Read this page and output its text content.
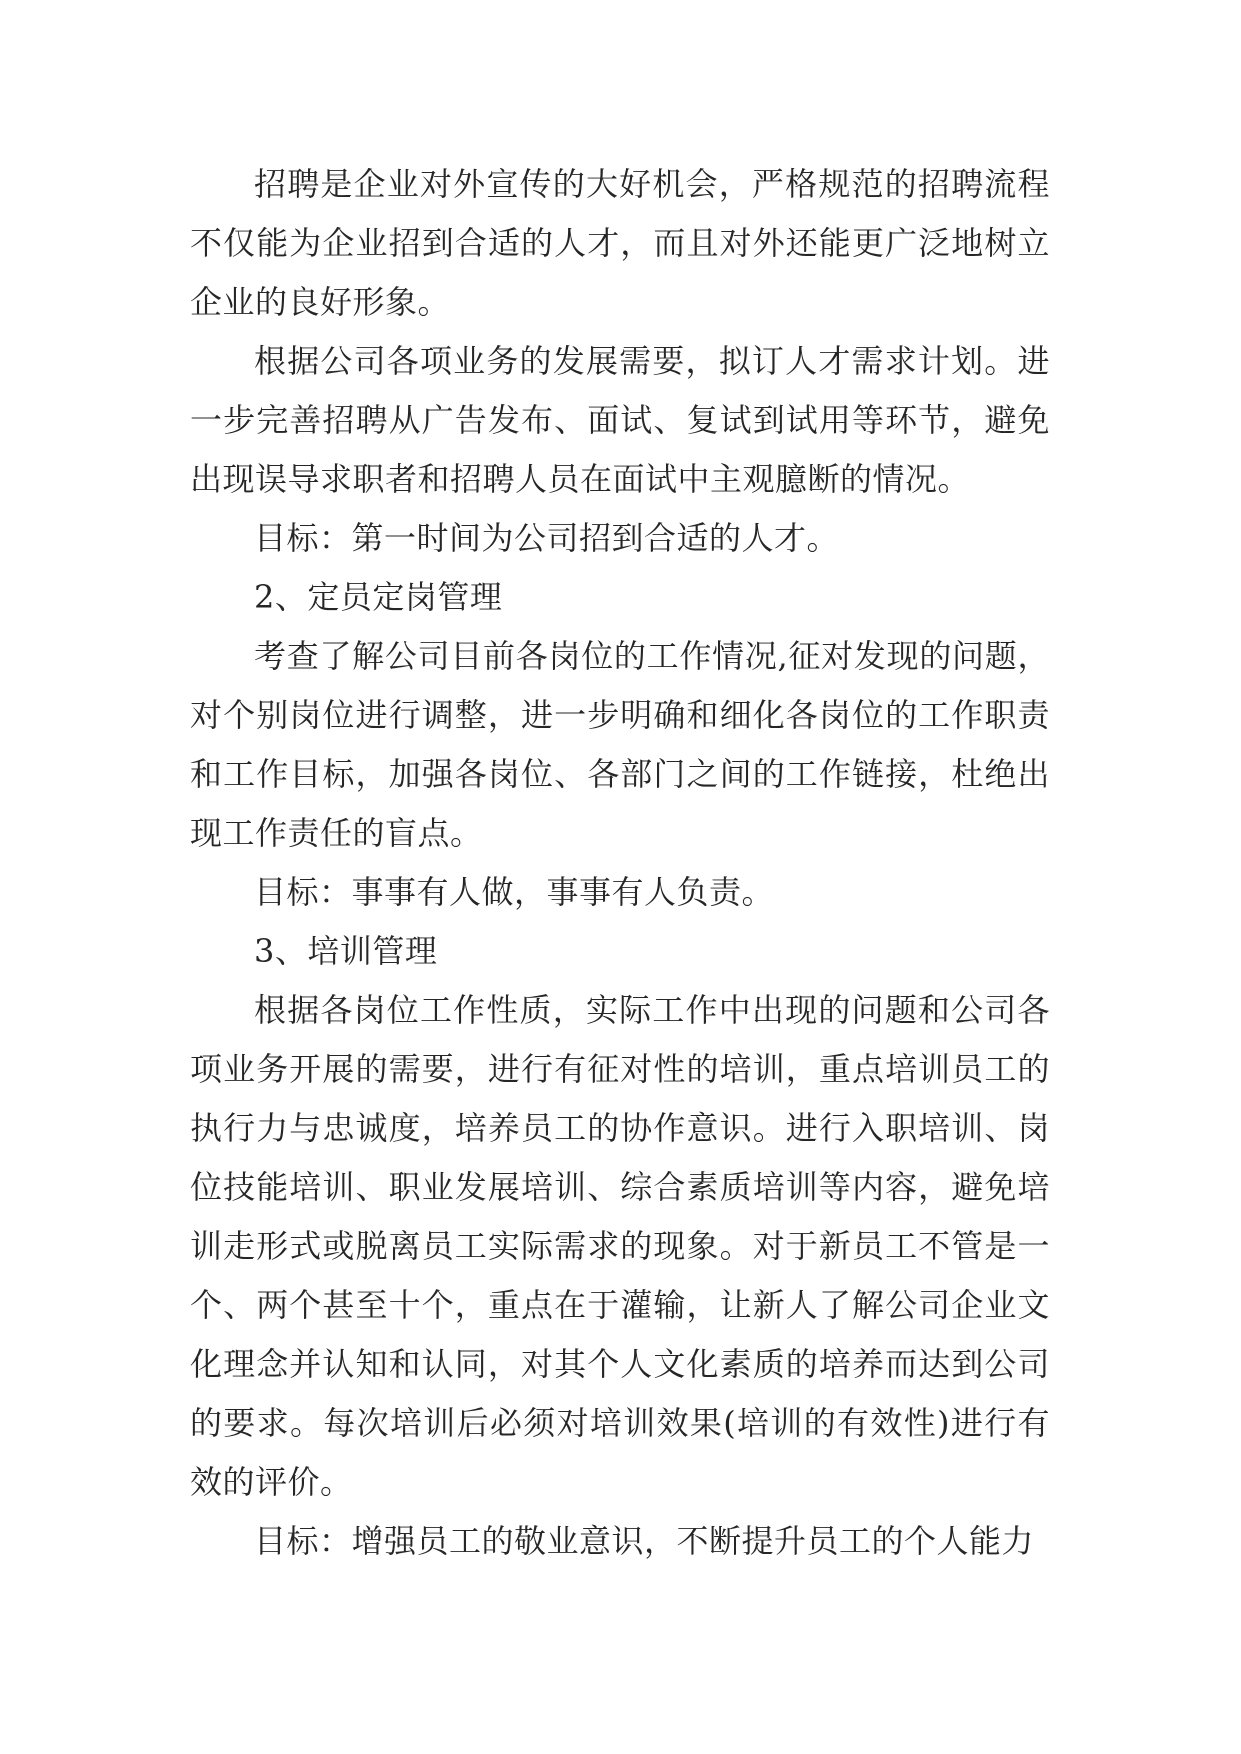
招聘是企业对外宣传的大好机会，严格规范的招聘流程不仅能为企业招到合适的人才，而且对外还能更广泛地树立企业的良好形象。

根据公司各项业务的发展需要，拟订人才需求计划。进一步完善招聘从广告发布、面试、复试到试用等环节，避免出现误导求职者和招聘人员在面试中主观臆断的情况。

目标：第一时间为公司招到合适的人才。

2、定员定岗管理

考查了解公司目前各岗位的工作情况,征对发现的问题，对个别岗位进行调整，进一步明确和细化各岗位的工作职责和工作目标，加强各岗位、各部门之间的工作链接，杜绝出现工作责任的盲点。

目标：事事有人做，事事有人负责。

3、培训管理

根据各岗位工作性质，实际工作中出现的问题和公司各项业务开展的需要，进行有征对性的培训，重点培训员工的执行力与忠诚度，培养员工的协作意识。进行入职培训、岗位技能培训、职业发展培训、综合素质培训等内容，避免培训走形式或脱离员工实际需求的现象。对于新员工不管是一个、两个甚至十个，重点在于灌输，让新人了解公司企业文化理念并认知和认同，对其个人文化素质的培养而达到公司的要求。每次培训后必须对培训效果(培训的有效性)进行有效的评价。

目标：增强员工的敬业意识，不断提升员工的个人能力
